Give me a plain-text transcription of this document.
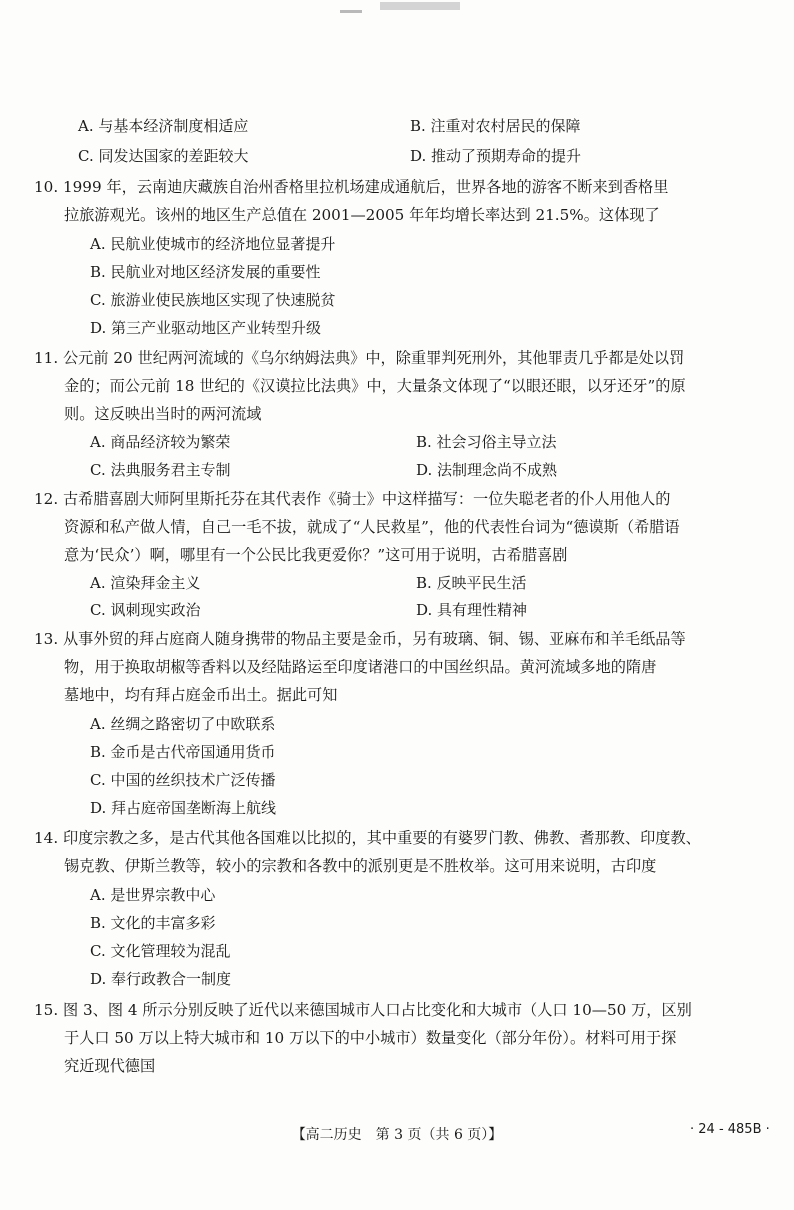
A. 与基本经济制度相适应	B. 注重对农村居民的保障
C. 同发达国家的差距较大	D. 推动了预期寿命的提升
10. 1999 年，云南迪庆藏族自治州香格里拉机场建成通航后，世界各地的游客不断来到香格里
拉旅游观光。该州的地区生产总值在 2001—2005 年年均增长率达到 21.5%。这体现了
A. 民航业使城市的经济地位显著提升
B. 民航业对地区经济发展的重要性
C. 旅游业使民族地区实现了快速脱贫
D. 第三产业驱动地区产业转型升级
11. 公元前 20 世纪两河流域的《乌尔纳姆法典》中，除重罪判死刑外，其他罪责几乎都是处以罚
金的；而公元前 18 世纪的《汉谟拉比法典》中，大量条文体现了“以眼还眼，以牙还牙”的原
则。这反映出当时的两河流域
A. 商品经济较为繁荣	B. 社会习俗主导立法
C. 法典服务君主专制	D. 法制理念尚不成熟
12. 古希腊喜剧大师阿里斯托芬在其代表作《骑士》中这样描写：一位失聪老者的仆人用他人的
资源和私产做人情，自己一毛不拔，就成了“人民救星”，他的代表性台词为“德谟斯（希腊语
意为‘民众’）啊，哪里有一个公民比我更爱你？”这可用于说明，古希腊喜剧
A. 渲染拜金主义	B. 反映平民生活
C. 讽刺现实政治	D. 具有理性精神
13. 从事外贸的拜占庭商人随身携带的物品主要是金币，另有玻璃、铜、锡、亚麻布和羊毛纸品等
物，用于换取胡椒等香料以及经陆路运至印度诸港口的中国丝织品。黄河流域多地的隋唐
墓地中，均有拜占庭金币出土。据此可知
A. 丝绸之路密切了中欧联系
B. 金币是古代帝国通用货币
C. 中国的丝织技术广泛传播
D. 拜占庭帝国垄断海上航线
14. 印度宗教之多，是古代其他各国难以比拟的，其中重要的有婆罗门教、佛教、耆那教、印度教、
锡克教、伊斯兰教等，较小的宗教和各教中的派别更是不胜枚举。这可用来说明，古印度
A. 是世界宗教中心
B. 文化的丰富多彩
C. 文化管理较为混乱
D. 奉行政教合一制度
15. 图 3、图 4 所示分别反映了近代以来德国城市人口占比变化和大城市（人口 10—50 万，区别
于人口 50 万以上特大城市和 10 万以下的中小城市）数量变化（部分年份）。材料可用于探
究近现代德国
【高二历史　第 3 页（共 6 页）】	· 24 - 485B ·
